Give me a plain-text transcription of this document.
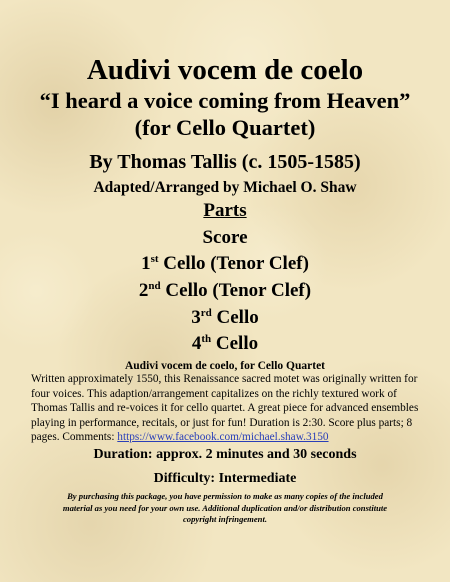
Audivi vocem de coelo
“I heard a voice coming from Heaven”
(for Cello Quartet)
By Thomas Tallis (c. 1505-1585)
Adapted/Arranged by Michael O. Shaw
Parts
Score
1st Cello (Tenor Clef)
2nd Cello (Tenor Clef)
3rd Cello
4th Cello
Audivi vocem de coelo, for Cello Quartet
Written approximately 1550, this Renaissance sacred motet was originally written for four voices. This adaption/arrangement capitalizes on the richly textured work of Thomas Tallis and re-voices it for cello quartet. A great piece for advanced ensembles playing in performance, recitals, or just for fun! Duration is 2:30. Score plus parts; 8 pages. Comments: https://www.facebook.com/michael.shaw.3150
Duration: approx. 2 minutes and 30 seconds
Difficulty: Intermediate
By purchasing this package, you have permission to make as many copies of the included material as you need for your own use. Additional duplication and/or distribution constitute copyright infringement.
